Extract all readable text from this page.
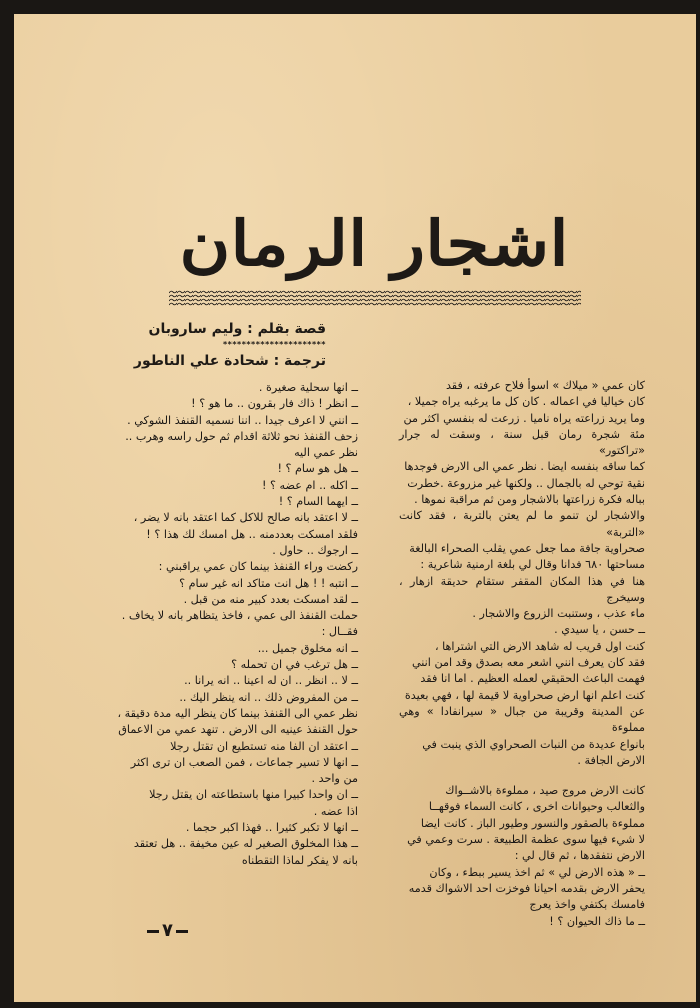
اشجار الرمان
قصة بقلم : وليم ساروبان
**********************
ترجمة : شحادة علي الناطور

كان عمي « ميلاك » اسوأ فلاح عرفته ، فقد

كان خياليا في اعماله . كان كل ما يرغبه يراه جميلا ،

وما يريد زراعته يراه ناميا . زرعت له بنفسي اكثر من

مئة شجرة رمان قبل سنة ، وسقت له جرار «تراكتور»

كما ساقه بنفسه ايضا . نظر عمي الى الارض فوجدها

نقية توحي له بالجمال .. ولكنها غير مزروعة .خطرت

بباله فكرة زراعتها بالاشجار ومن ثم مراقبة نموها .

والاشجار لن تنمو ما لم يعتن بالتربة ، فقد كانت «التربة»

صحراوية جافة مما جعل عمي يقلب الصحراء البالغة

مساحتها ٦٨٠ فدانا وقال لي بلغة ارمنية شاعرية :

هنا في هذا المكان المقفر ستقام حديقة ازهار ، وسيخرج

ماء عذب ، وستنبت الزروع والاشجار .

ــ حسن ، يا سيدي .

كنت اول قريب له شاهد الارض التي اشتراها ،

فقد كان يعرف انني اشعر معه بصدق وقد امن انني

فهمت الباعث الحقيقي لعمله العظيم . اما انا فقد

كنت اعلم انها ارض صحراوية لا قيمة لها ، فهي بعيدة

عن المدينة وقريبة من جبال « سيرانفادا » وهي مملوءة

بانواع عديدة من النبات الصحراوي الذي ينبت في

الارض الجافة .

كانت الارض مروج صيد ، مملوءة بالاشــواك

والثعالب وحيوانات اخرى ، كانت السماء فوقهــا

مملوءة بالصقور والنسور وطيور الباز . كانت ايضا

لا شيء فيها سوى عظمة الطبيعة . سرت وعمي في

الارض نتفقدها ، ثم قال لي :

ــ « هذه الارض لي » ثم اخذ يسير ببطء ، وكان

يحفر الارض بقدمه احيانا فوخزت احد الاشواك قدمه

فامسك بكتفي واخذ يعرج

ــ ما ذاك الحيوان ؟ !

ــ انها سحلية صغيرة .

ــ انظر ! ذاك فار بقرون .. ما هو ؟ !

ــ انني لا اعرف جيدا .. اننا نسميه القنفذ الشوكي .

زحف القنفذ نحو ثلاثة اقدام ثم حول راسه وهرب ..

نظر عمي اليه

ــ هل هو سام ؟ !

ــ اكله .. ام عضه ؟ !

ــ ايهما السام ؟ !

ــ لا اعتقد بانه صالح للاكل كما اعتقد بانه لا يضر ،

فلقد امسكت بعددمنه .. هل امسك لك هذا ؟ !

ــ ارجوك .. حاول .

ركضت وراء القنفذ بينما كان عمي يراقبني :

ــ انتبه ! ! هل انت متاكد انه غير سام ؟

ــ لقد امسكت بعدد كبير منه من قبل .

حملت القنفذ الى عمي ، فاخذ يتظاهر بانه لا يخاف .

فقــال :

ــ انه مخلوق جميل ...

ــ هل ترغب في ان تحمله ؟

ــ لا .. انظر .. ان له اعينا .. انه يرانا ..

ــ من المفروض ذلك .. انه ينظر اليك ..

نظر عمي الى القنفذ بينما كان ينظر اليه مدة دقيقة ،

حول القنفذ عينيه الى الارض . تنهد عمي من الاعماق

ــ اعتقد ان الفا منه تستطيع ان تقتل رجلا

ــ انها لا تسير جماعات ، فمن الصعب ان ترى اكثر

من واحد .

ــ ان واحدا كبيرا منها باستطاعته ان يقتل رجلا

اذا عضه .

ــ انها لا تكبر كثيرا .. فهذا اكبر حجما .

ــ هذا المخلوق الصغير له عين مخيفة .. هل تعتقد

بانه لا يفكر لماذا التقطناه

٧
